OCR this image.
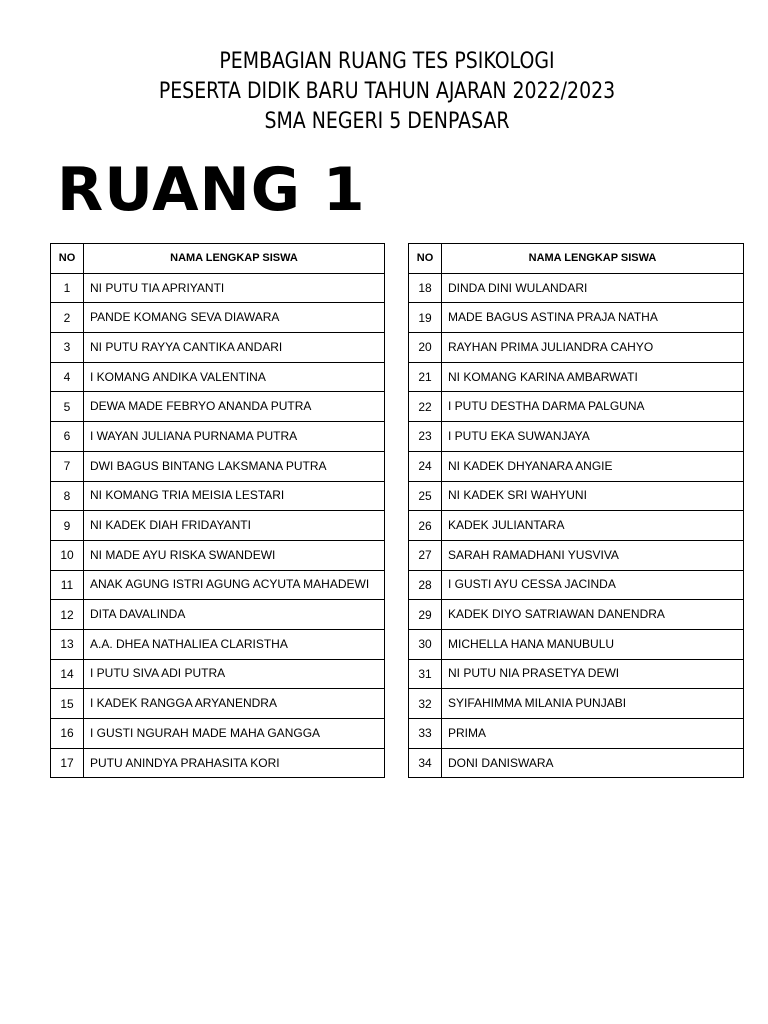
PEMBAGIAN RUANG TES PSIKOLOGI
PESERTA DIDIK BARU TAHUN AJARAN 2022/2023
SMA NEGERI 5 DENPASAR
RUANG 1
NO	NAMA LENGKAP SISWA
1	NI PUTU TIA APRIYANTI
2	PANDE KOMANG SEVA DIAWARA
3	NI PUTU RAYYA CANTIKA ANDARI
4	I KOMANG ANDIKA VALENTINA
5	DEWA MADE FEBRYO ANANDA PUTRA
6	I WAYAN JULIANA PURNAMA PUTRA
7	DWI BAGUS BINTANG LAKSMANA PUTRA
8	NI KOMANG TRIA MEISIA LESTARI
9	NI KADEK DIAH FRIDAYANTI
10	NI MADE AYU RISKA SWANDEWI
11	ANAK AGUNG ISTRI AGUNG ACYUTA MAHADEWI
12	DITA DAVALINDA
13	A.A. DHEA NATHALIEA CLARISTHA
14	I PUTU SIVA ADI PUTRA
15	I KADEK RANGGA ARYANENDRA
16	I GUSTI NGURAH MADE MAHA GANGGA
17	PUTU ANINDYA PRAHASITA KORI
NO	NAMA LENGKAP SISWA
18	DINDA DINI WULANDARI
19	MADE BAGUS ASTINA PRAJA NATHA
20	RAYHAN PRIMA JULIANDRA CAHYO
21	NI KOMANG KARINA AMBARWATI
22	I PUTU DESTHA DARMA PALGUNA
23	I PUTU EKA SUWANJAYA
24	NI KADEK DHYANARA ANGIE
25	NI KADEK SRI WAHYUNI
26	KADEK JULIANTARA
27	SARAH RAMADHANI YUSVIVA
28	I GUSTI AYU CESSA JACINDA
29	KADEK DIYO SATRIAWAN DANENDRA
30	MICHELLA HANA MANUBULU
31	NI PUTU NIA PRASETYA DEWI
32	SYIFAHIMMA MILANIA PUNJABI
33	PRIMA
34	DONI DANISWARA
